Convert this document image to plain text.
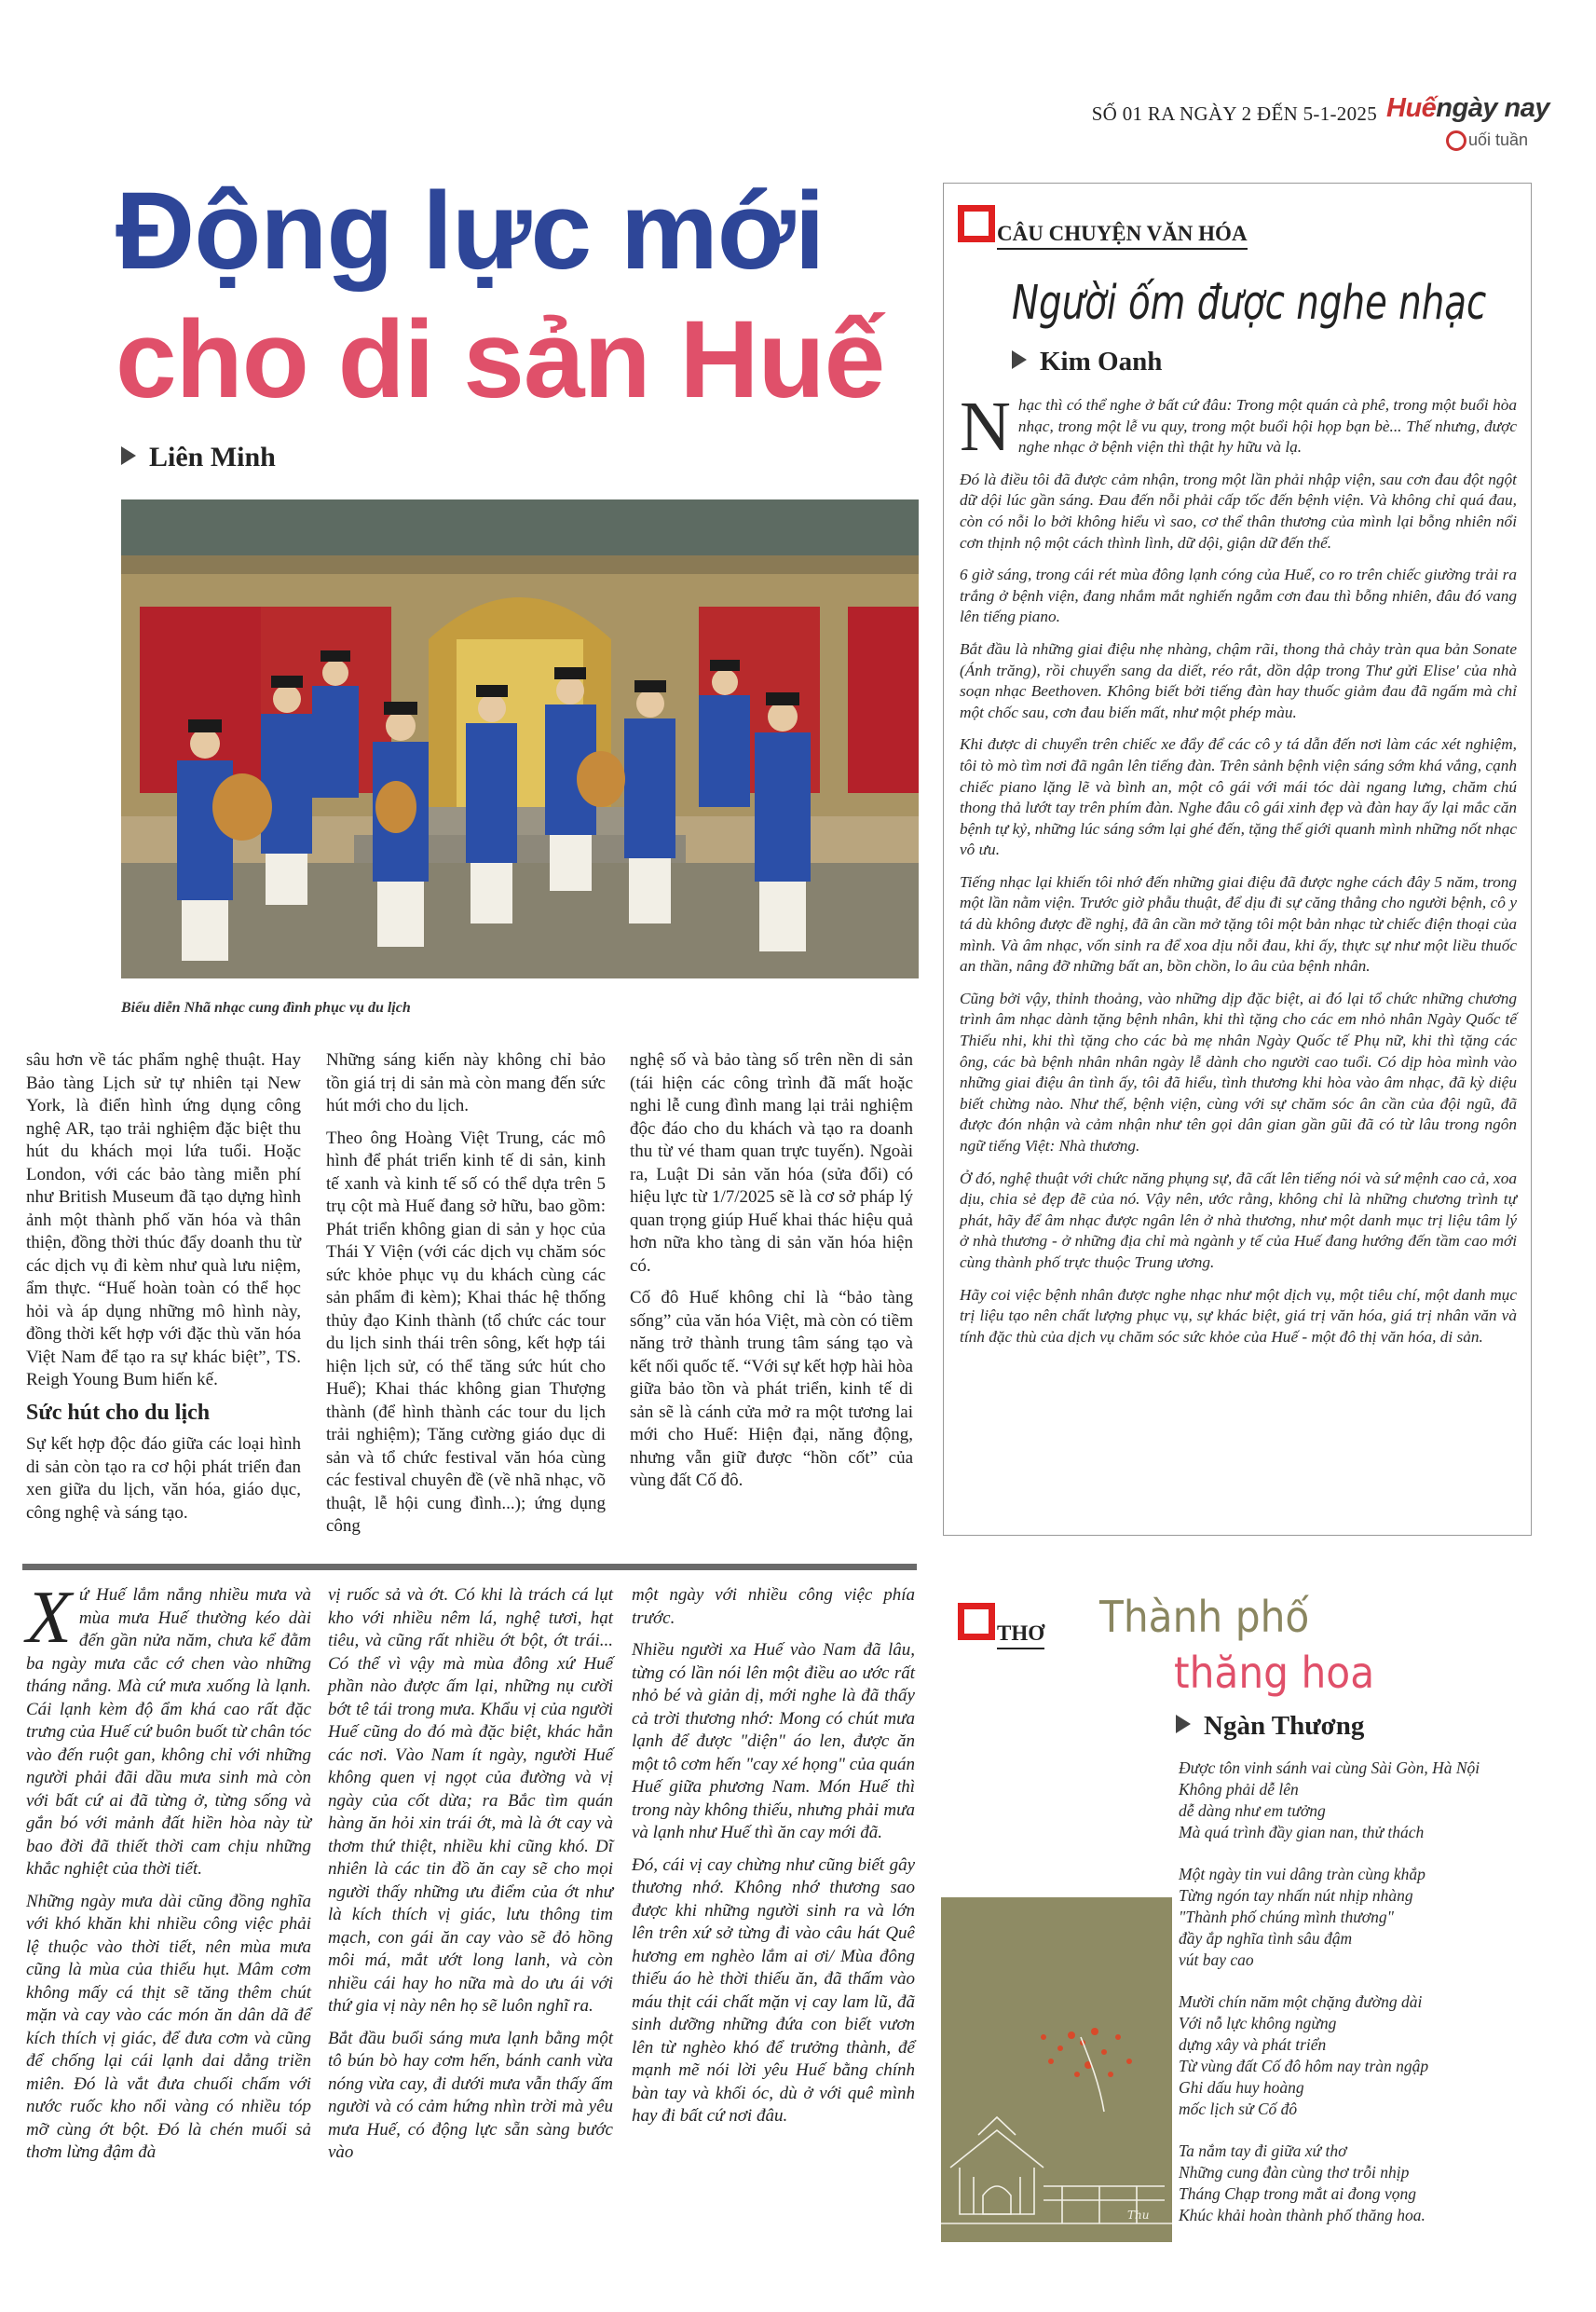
SỐ 01 RA NGÀY 2 ĐẾN 5-1-2025 Huếngày nay
uối tuần
Động lực mới
cho di sản Huế
Liên Minh
Biểu diễn Nhã nhạc cung đình phục vụ du lịch

sâu hơn về tác phẩm nghệ thuật. Hay Bảo tàng Lịch sử tự nhiên tại New York, là điển hình ứng dụng công nghệ AR, tạo trải nghiệm đặc biệt thu hút du khách mọi lứa tuổi. Hoặc London, với các bảo tàng miễn phí như British Museum đã tạo dựng hình ảnh một thành phố văn hóa và thân thiện, đồng thời thúc đẩy doanh thu từ các dịch vụ đi kèm như quà lưu niệm, ẩm thực. “Huế hoàn toàn có thể học hỏi và áp dụng những mô hình này, đồng thời kết hợp với đặc thù văn hóa Việt Nam để tạo ra sự khác biệt”, TS. Reigh Young Bum hiến kế.

Sức hút cho du lịch

Sự kết hợp độc đáo giữa các loại hình di sản còn tạo ra cơ hội phát triển đan xen giữa du lịch, văn hóa, giáo dục, công nghệ và sáng tạo.

Những sáng kiến này không chỉ bảo tồn giá trị di sản mà còn mang đến sức hút mới cho du lịch.

Theo ông Hoàng Việt Trung, các mô hình để phát triển kinh tế di sản, kinh tế xanh và kinh tế số có thể dựa trên 5 trụ cột mà Huế đang sở hữu, bao gồm: Phát triển không gian di sản y học của Thái Y Viện (với các dịch vụ chăm sóc sức khỏe phục vụ du khách cùng các sản phẩm đi kèm); Khai thác hệ thống thủy đạo Kinh thành (tổ chức các tour du lịch sinh thái trên sông, kết hợp tái hiện lịch sử, có thể tăng sức hút cho Huế); Khai thác không gian Thượng thành (để hình thành các tour du lịch trải nghiệm); Tăng cường giáo dục di sản và tổ chức festival văn hóa cùng các festival chuyên đề (về nhã nhạc, võ thuật, lễ hội cung đình...); ứng dụng công

nghệ số và bảo tàng số trên nền di sản (tái hiện các công trình đã mất hoặc nghi lễ cung đình mang lại trải nghiệm độc đáo cho du khách và tạo ra doanh thu từ vé tham quan trực tuyến). Ngoài ra, Luật Di sản văn hóa (sửa đổi) có hiệu lực từ 1/7/2025 sẽ là cơ sở pháp lý quan trọng giúp Huế khai thác hiệu quả hơn nữa kho tàng di sản văn hóa hiện có.

Cố đô Huế không chỉ là “bảo tàng sống” của văn hóa Việt, mà còn có tiềm năng trở thành trung tâm sáng tạo và kết nối quốc tế. “Với sự kết hợp hài hòa giữa bảo tồn và phát triển, kinh tế di sản sẽ là cánh cửa mở ra một tương lai mới cho Huế: Hiện đại, năng động, nhưng vẫn giữ được “hồn cốt” của vùng đất Cố đô.

Xứ Huế lắm nắng nhiều mưa và mùa mưa Huế thường kéo dài đến gần nửa năm, chưa kể đằm ba ngày mưa cắc cớ chen vào những tháng nắng. Mà cứ mưa xuống là lạnh. Cái lạnh kèm độ ẩm khá cao rất đặc trưng của Huế cứ buôn buốt từ chân tóc vào đến ruột gan, không chỉ với những người phải đãi dầu mưa sinh mà còn với bất cứ ai đã từng ở, từng sống và gắn bó với mảnh đất hiền hòa này từ bao đời đã thiết thời cam chịu những khắc nghiệt của thời tiết.

Những ngày mưa dài cũng đồng nghĩa với khó khăn khi nhiều công việc phải lệ thuộc vào thời tiết, nên mùa mưa cũng là mùa của thiếu hụt. Mâm cơm không mấy cá thịt sẽ tăng thêm chút mặn và cay vào các món ăn dân dã để kích thích vị giác, để đưa cơm và cũng để chống lại cái lạnh dai dẳng triền miên. Đó là vắt đưa chuối chấm với nước ruốc kho nổi vàng có nhiều tóp mỡ cùng ớt bột. Đó là chén muối sả thơm lừng đậm đà

vị ruốc sả và ớt. Có khi là trách cá lụt kho với nhiều nêm lá, nghệ tươi, hạt tiêu, và cũng rất nhiều ớt bột, ớt trái... Có thể vì vậy mà mùa đông xứ Huế phần nào được ấm lại, những nụ cười bớt tê tái trong mưa. Khẩu vị của người Huế cũng do đó mà đặc biệt, khác hẳn các nơi. Vào Nam ít ngày, người Huế không quen vị ngọt của đường và vị ngày của cốt dừa; ra Bắc tìm quán hàng ăn hỏi xin trái ớt, mà là ớt cay và thơm thứ thiệt, nhiều khi cũng khó. Dĩ nhiên là các tin đồ ăn cay sẽ cho mọi người thấy những ưu điểm của ớt như là kích thích vị giác, lưu thông tim mạch, con gái ăn cay vào sẽ đỏ hồng môi má, mắt ướt long lanh, và còn nhiều cái hay ho nữa mà do ưu ái với thứ gia vị này nên họ sẽ luôn nghĩ ra.

Bắt đầu buổi sáng mưa lạnh bằng một tô bún bò hay cơm hến, bánh canh vừa nóng vừa cay, đi dưới mưa vẫn thấy ấm người và có cảm hứng nhìn trời mà yêu mưa Huế, có động lực sẵn sàng bước vào

một ngày với nhiều công việc phía trước.

Nhiều người xa Huế vào Nam đã lâu, từng có lần nói lên một điều ao ước rất nhỏ bé và giản dị, mới nghe là đã thấy cả trời thương nhớ: Mong có chút mưa lạnh để được "diện" áo len, được ăn một tô cơm hến "cay xé họng" của quán Huế giữa phương Nam. Món Huế thì trong này không thiếu, nhưng phải mưa và lạnh như Huế thì ăn cay mới đã.

Đó, cái vị cay chừng như cũng biết gây thương nhớ. Không nhớ thương sao được khi những người sinh ra và lớn lên trên xứ sở từng đi vào câu hát Quê hương em nghèo lắm ai ơi/ Mùa đông thiếu áo hè thời thiếu ăn, đã thấm vào máu thịt cái chất mặn vị cay lam lũ, đã sinh dưỡng những đứa con biết vươn lên từ nghèo khó để trưởng thành, để mạnh mẽ nói lời yêu Huế bằng chính bàn tay và khối óc, dù ở với quê mình hay đi bất cứ nơi đâu.

CÂU CHUYỆN VĂN HÓA
Người ốm được nghe nhạc
Kim Oanh

Nhạc thì có thể nghe ở bất cứ đâu: Trong một quán cà phê, trong một buổi hòa nhạc, trong một lễ vu quy, trong một buổi hội họp bạn bè... Thế nhưng, được nghe nhạc ở bệnh viện thì thật hy hữu và lạ.

Đó là điều tôi đã được cảm nhận, trong một lần phải nhập viện, sau cơn đau đột ngột dữ dội lúc gần sáng. Đau đến nỗi phải cấp tốc đến bệnh viện. Và không chỉ quá đau, còn có nỗi lo bởi không hiểu vì sao, cơ thể thân thương của mình lại bỗng nhiên nổi cơn thịnh nộ một cách thình lình, dữ dội, giận dữ đến thế.

6 giờ sáng, trong cái rét mùa đông lạnh cóng của Huế, co ro trên chiếc giường trải ra trắng ở bệnh viện, đang nhắm mắt nghiến ngẫm cơn đau thì bỗng nhiên, đâu đó vang lên tiếng piano.

Bắt đầu là những giai điệu nhẹ nhàng, chậm rãi, thong thả chảy tràn qua bản Sonate (Ánh trăng), rồi chuyển sang da diết, réo rắt, dồn dập trong Thư gửi Elise' của nhà soạn nhạc Beethoven. Không biết bởi tiếng đàn hay thuốc giảm đau đã ngấm mà chỉ một chốc sau, cơn đau biến mất, như một phép màu.

Khi được di chuyển trên chiếc xe đẩy để các cô y tá dẫn đến nơi làm các xét nghiệm, tôi tò mò tìm nơi đã ngân lên tiếng đàn. Trên sảnh bệnh viện sáng sớm khá vắng, cạnh chiếc piano lặng lẽ và bình an, một cô gái với mái tóc dài ngang lưng, chăm chú thong thả lướt tay trên phím đàn. Nghe đâu cô gái xinh đẹp và đàn hay ấy lại mắc căn bệnh tự kỷ, những lúc sáng sớm lại ghé đến, tặng thế giới quanh mình những nốt nhạc vô ưu.

Tiếng nhạc lại khiến tôi nhớ đến những giai điệu đã được nghe cách đây 5 năm, trong một lần nằm viện. Trước giờ phẫu thuật, để dịu đi sự căng thẳng cho người bệnh, cô y tá dù không được đề nghị, đã ân cần mở tặng tôi một bản nhạc từ chiếc điện thoại của mình. Và âm nhạc, vốn sinh ra để xoa dịu nỗi đau, khi ấy, thực sự như một liều thuốc an thần, nâng đỡ những bất an, bồn chồn, lo âu của bệnh nhân.

Cũng bởi vậy, thỉnh thoảng, vào những dịp đặc biệt, ai đó lại tổ chức những chương trình âm nhạc dành tặng bệnh nhân, khi thì tặng cho các em nhỏ nhân Ngày Quốc tế Thiếu nhi, khi thì tặng cho các bà mẹ nhân Ngày Quốc tế Phụ nữ, khi thì tặng các ông, các bà bệnh nhân nhân ngày lễ dành cho người cao tuổi. Có dịp hòa mình vào những giai điệu ân tình ấy, tôi đã hiểu, tình thương khi hòa vào âm nhạc, đã kỳ diệu biết chừng nào. Như thế, bệnh viện, cùng với sự chăm sóc ân cần của đội ngũ, đã được đón nhận và cảm nhận như tên gọi dân gian gần gũi đã có từ lâu trong ngôn ngữ tiếng Việt: Nhà thương.

Ở đó, nghệ thuật với chức năng phụng sự, đã cất lên tiếng nói và sứ mệnh cao cả, xoa dịu, chia sẻ đẹp đẽ của nó. Vậy nên, ước rằng, không chỉ là những chương trình tự phát, hãy để âm nhạc được ngân lên ở nhà thương, như một danh mục trị liệu tâm lý ở nhà thương - ở những địa chỉ mà ngành y tế của Huế đang hướng đến tầm cao mới cùng thành phố trực thuộc Trung ương.

Hãy coi việc bệnh nhân được nghe nhạc như một dịch vụ, một tiêu chí, một danh mục trị liệu tạo nên chất lượng phục vụ, sự khác biệt, giá trị văn hóa, giá trị nhân văn và tính đặc thù của dịch vụ chăm sóc sức khỏe của Huế - một đô thị văn hóa, di sản.

THƠ Thành phố
thăng hoa
Ngàn Thương
Thu
Được tôn vinh sánh vai cùng Sài Gòn, Hà Nội
Không phải dễ lên
dễ dàng như em tưởng
Mà quá trình đầy gian nan, thử thách
Một ngày tin vui dâng tràn cùng khắp
Từng ngón tay nhấn nút nhịp nhàng
"Thành phố chúng mình thương"
đầy ắp nghĩa tình sâu đậm
vút bay cao
Mười chín năm một chặng đường dài
Với nỗ lực không ngừng
dựng xây và phát triển
Từ vùng đất Cố đô hôm nay tràn ngập
Ghi dấu huy hoàng
mốc lịch sử Cố đô
Ta nắm tay đi giữa xứ thơ
Những cung đàn cùng thơ trỗi nhịp
Tháng Chạp trong mắt ai đong vọng
Khúc khải hoàn thành phố thăng hoa.
